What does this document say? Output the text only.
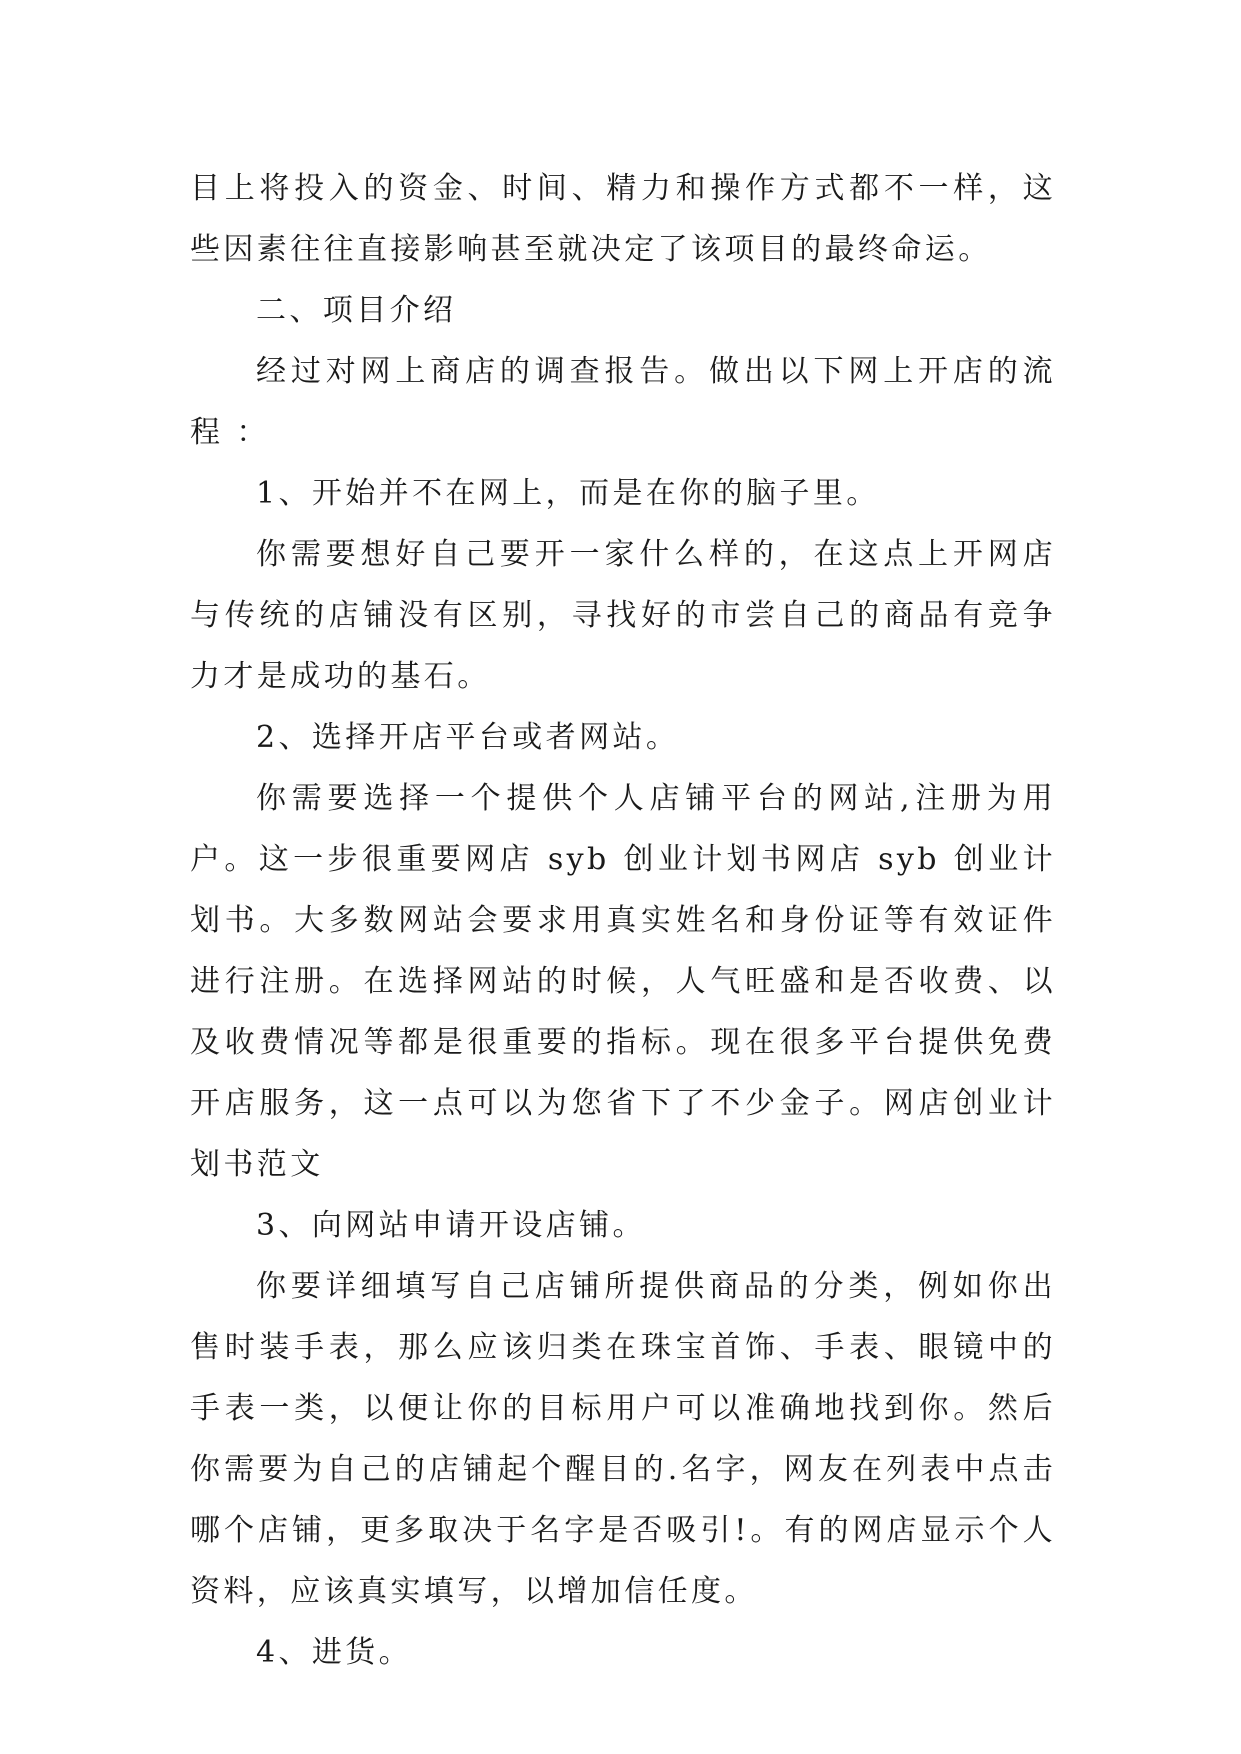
目上将投入的资金、时间、精力和操作方式都不一样，这些因素往往直接影响甚至就决定了该项目的最终命运。

二、项目介绍

经过对网上商店的调查报告。做出以下网上开店的流程 ：

1、开始并不在网上，而是在你的脑子里。

你需要想好自己要开一家什么样的，在这点上开网店与传统的店铺没有区别，寻找好的市尝自己的商品有竞争力才是成功的基石。

2、选择开店平台或者网站。

你需要选择一个提供个人店铺平台的网站,注册为用户。这一步很重要网店 syb 创业计划书网店 syb 创业计划书。大多数网站会要求用真实姓名和身份证等有效证件进行注册。在选择网站的时候，人气旺盛和是否收费、以及收费情况等都是很重要的指标。现在很多平台提供免费开店服务，这一点可以为您省下了不少金子。网店创业计划书范文

3、向网站申请开设店铺。

你要详细填写自己店铺所提供商品的分类，例如你出售时装手表，那么应该归类在珠宝首饰、手表、眼镜中的手表一类，以便让你的目标用户可以准确地找到你。然后你需要为自己的店铺起个醒目的.名字，网友在列表中点击哪个店铺，更多取决于名字是否吸引!。有的网店显示个人资料，应该真实填写，以增加信任度。

4、进货。
